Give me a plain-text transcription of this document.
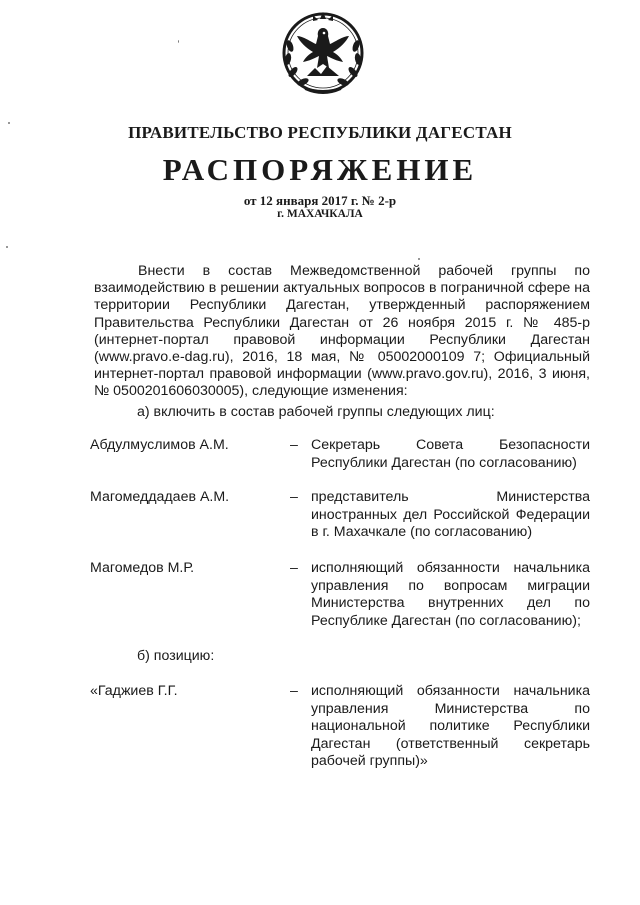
ПРАВИТЕЛЬСТВО РЕСПУБЛИКИ ДАГЕСТАН
РАСПОРЯЖЕНИЕ
от 12 января 2017 г. № 2-р
г. МАХАЧКАЛА
Внести в состав Межведомственной рабочей группы по взаимодействию в решении актуальных вопросов в пограничной сфере на территории Республики Дагестан, утвержденный распоряжением Правительства Республики Дагестан от 26 ноября 2015 г. № 485-р (интернет-портал правовой информации Республики Дагестан (www.pravo.e-dag.ru), 2016, 18 мая, № 05002000109 7; Официальный интернет-портал правовой информации (www.pravo.gov.ru), 2016, 3 июня, № 0500201606030005), следующие изменения:
а) включить в состав рабочей группы следующих лиц:
Абдулмуслимов А.М.	– Секретарь Совета Безопасности Республики Дагестан (по согласованию)
Магомеддадаев А.М.	– представитель Министерства иностранных дел Российской Федерации в г. Махачкале (по согласованию)
Магомедов М.Р.	– исполняющий обязанности начальника управления по вопросам миграции Министерства внутренних дел по Республике Дагестан (по согласованию);
б) позицию:
«Гаджиев Г.Г.	– исполняющий обязанности начальника управления Министерства по национальной политике Республики Дагестан (ответственный секретарь рабочей группы)»
